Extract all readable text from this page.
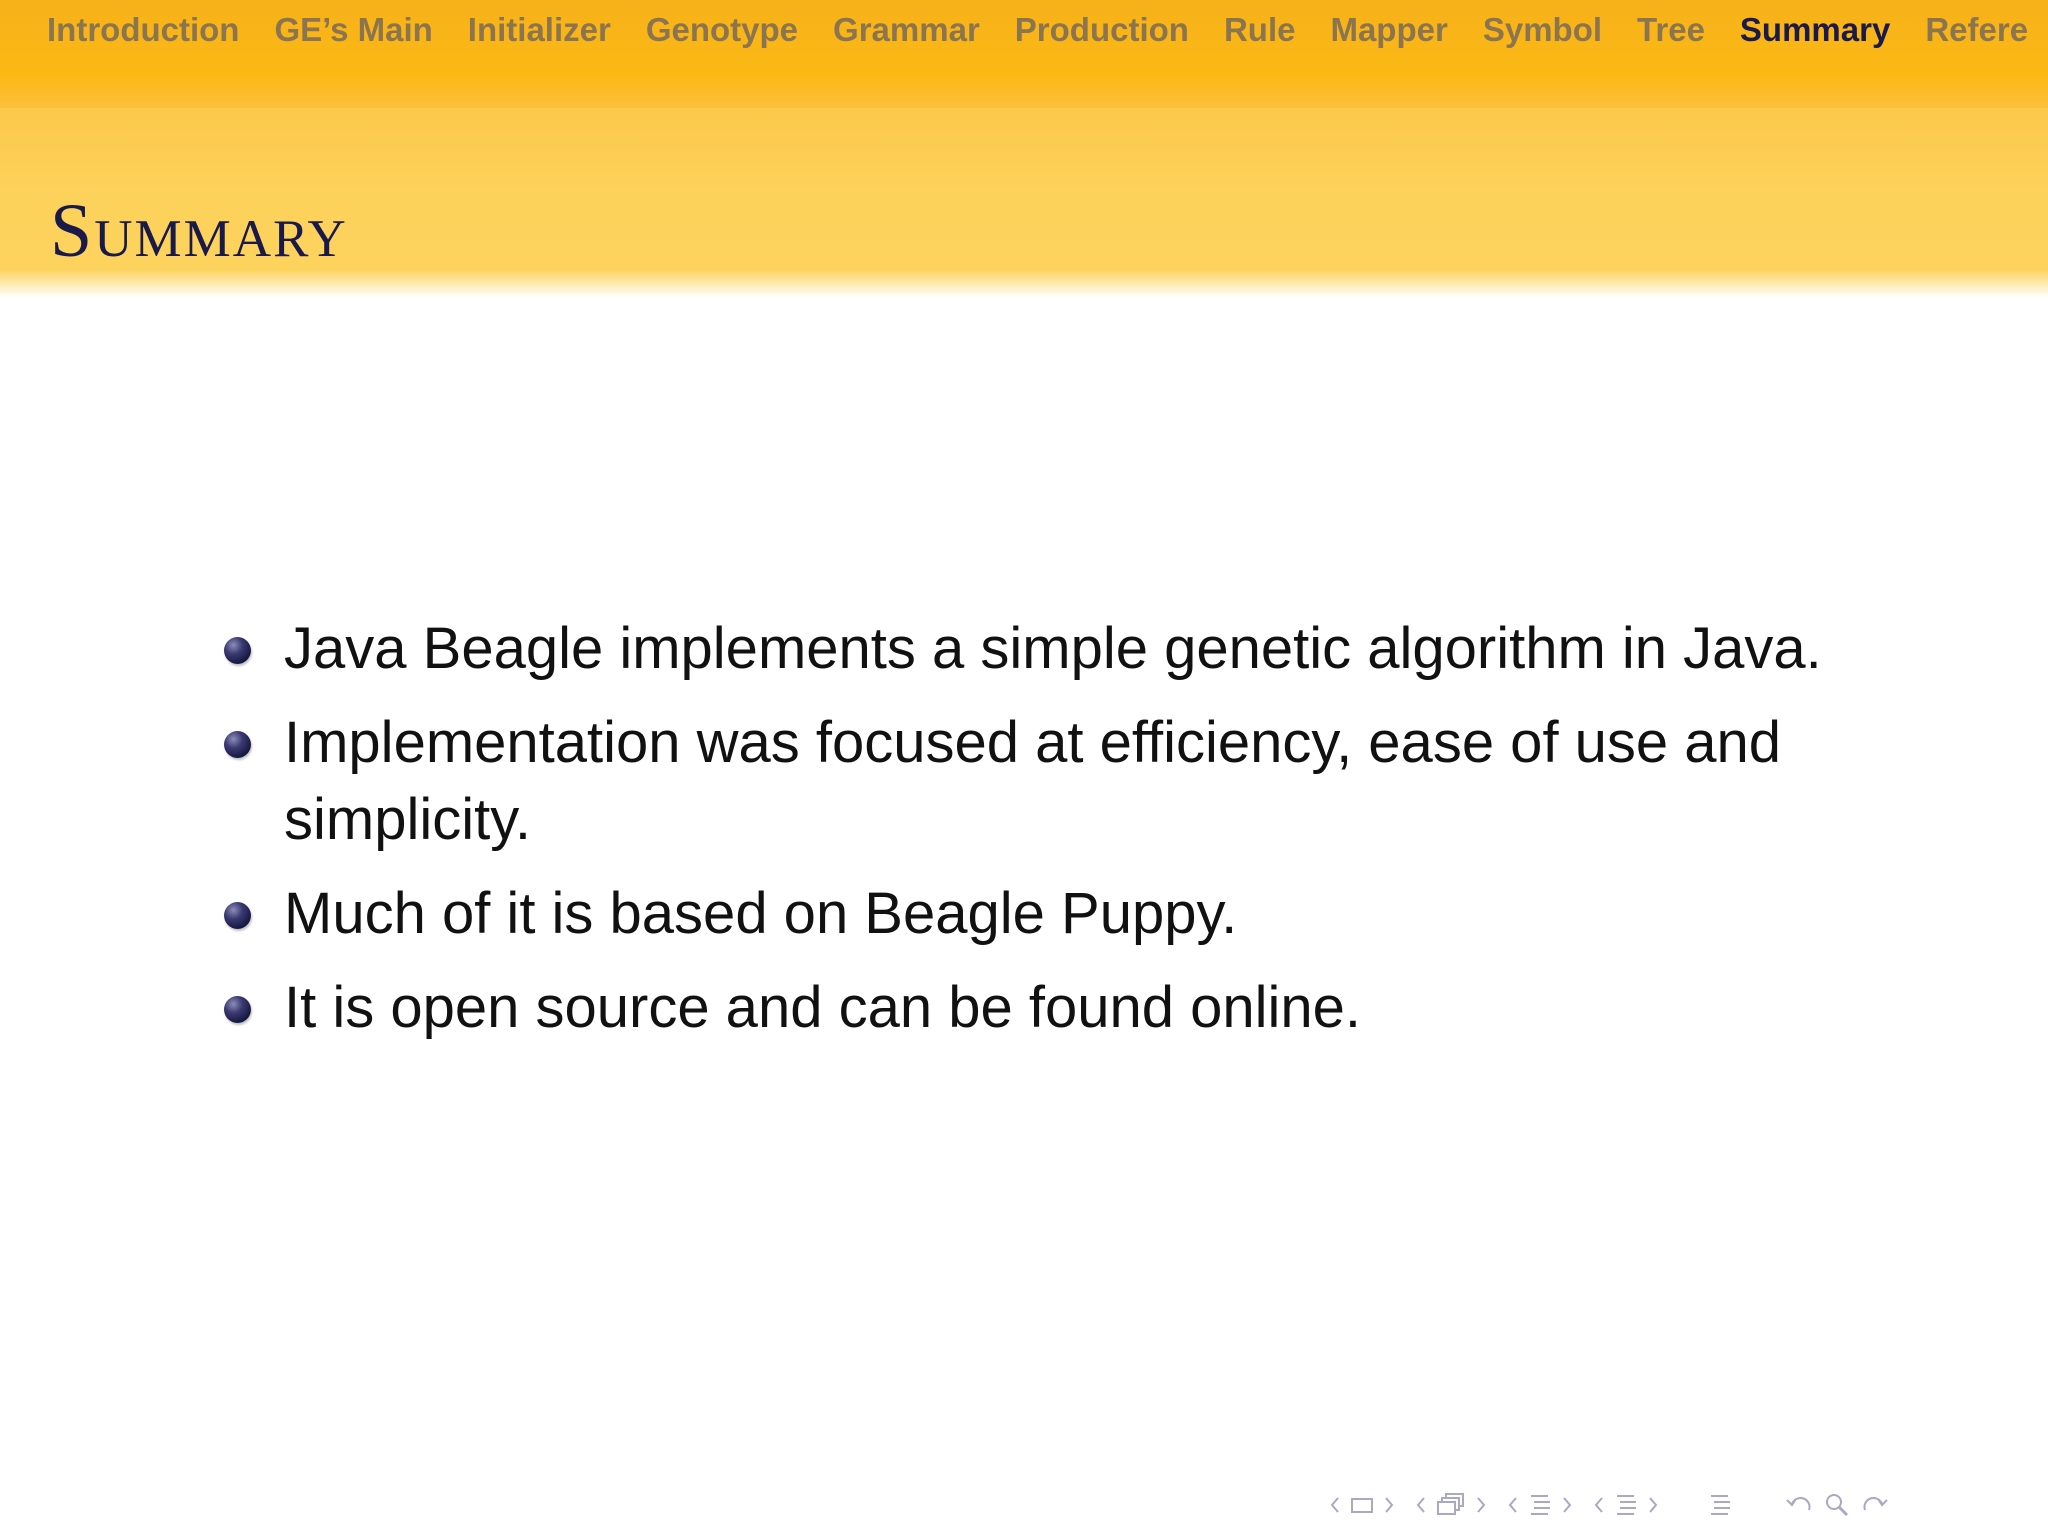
Introduction GE’s Main Initializer Genotype Grammar Production Rule Mapper Symbol Tree Summary Refere
Summary
Java Beagle implements a simple genetic algorithm in Java.
Implementation was focused at efficiency, ease of use and simplicity.
Much of it is based on Beagle Puppy.
It is open source and can be found online.
